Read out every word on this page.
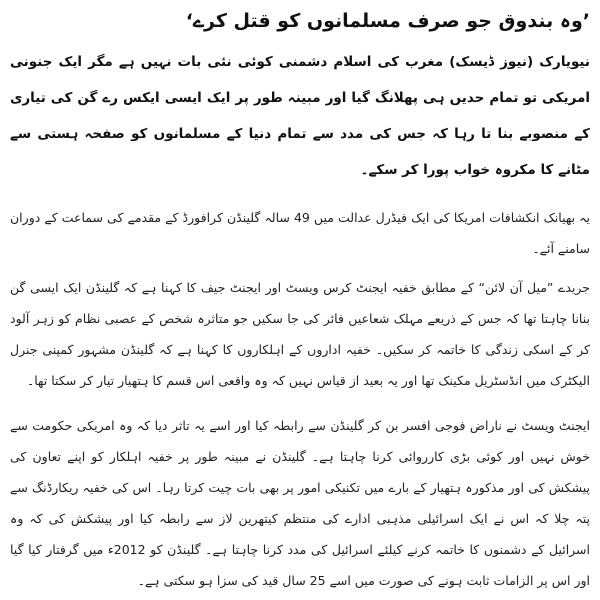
’وہ بندوق جو صرف مسلمانوں کو قتل کرے‘

نیویارک (نیوز ڈیسک) مغرب کی اسلام دشمنی کوئی نئی بات نہیں ہے مگر ایک جنونی امریکی تو تمام حدیں ہی پھلانگ گیا اور مبینہ طور پر ایک ایسی ایکس رے گن کی تیاری کے منصوبے بنا تا رہا کہ جس کی مدد سے تمام دنیا کے مسلمانوں کو صفحہ ہستی سے مٹانے کا مکروہ خواب پورا کر سکے۔

یہ بھیانک انکشافات امریکا کی ایک فیڈرل عدالت میں 49 سالہ گلینڈن کرافورڈ کے مقدمے کی سماعت کے دوران سامنے آئے۔

جریدے ”میل آن لائن“ کے مطابق خفیہ ایجنٹ کرس ویسٹ اور ایجنٹ جیف کا کہنا ہے کہ گلینڈن ایک ایسی گن بنانا چاہتا تھا کہ جس کے ذریعے مہلک شعاعیں فائر کی جا سکیں جو متاثرہ شخص کے عصبی نظام کو زہر آلود کر کے اسکی زندگی کا خاتمہ کر سکیں۔ خفیہ اداروں کے اہلکاروں کا کہنا ہے کہ گلینڈن مشہور کمپنی جنرل الیکٹرک میں انڈسٹریل مکینک تھا اور یہ بعید از قیاس نہیں کہ وہ واقعی اس قسم کا ہتھیار تیار کر سکتا تھا۔

ایجنٹ ویسٹ نے ناراض فوجی افسر بن کر گلینڈن سے رابطہ کیا اور اسے یہ تاثر دیا کہ وہ امریکی حکومت سے خوش نہیں اور کوئی بڑی کارروائی کرنا چاہتا ہے۔ گلینڈن نے مبینہ طور پر خفیہ اہلکار کو اپنے تعاون کی پیشکش کی اور مذکورہ ہتھیار کے بارے میں تکنیکی امور پر بھی بات چیت کرتا رہا۔ اس کی خفیہ ریکارڈنگ سے پتہ چلا کہ اس نے ایک اسرائیلی مذہبی ادارے کی منتظم کیتھرین لاز سے رابطہ کیا اور پیشکش کی کہ وہ اسرائیل کے دشمنوں کا خاتمہ کرنے کیلئے اسرائیل کی مدد کرنا چاہتا ہے۔ گلینڈن کو 2012ء میں گرفتار کیا گیا اور اس پر الزامات ثابت ہونے کی صورت میں اسے 25 سال قید کی سزا ہو سکتی ہے۔
